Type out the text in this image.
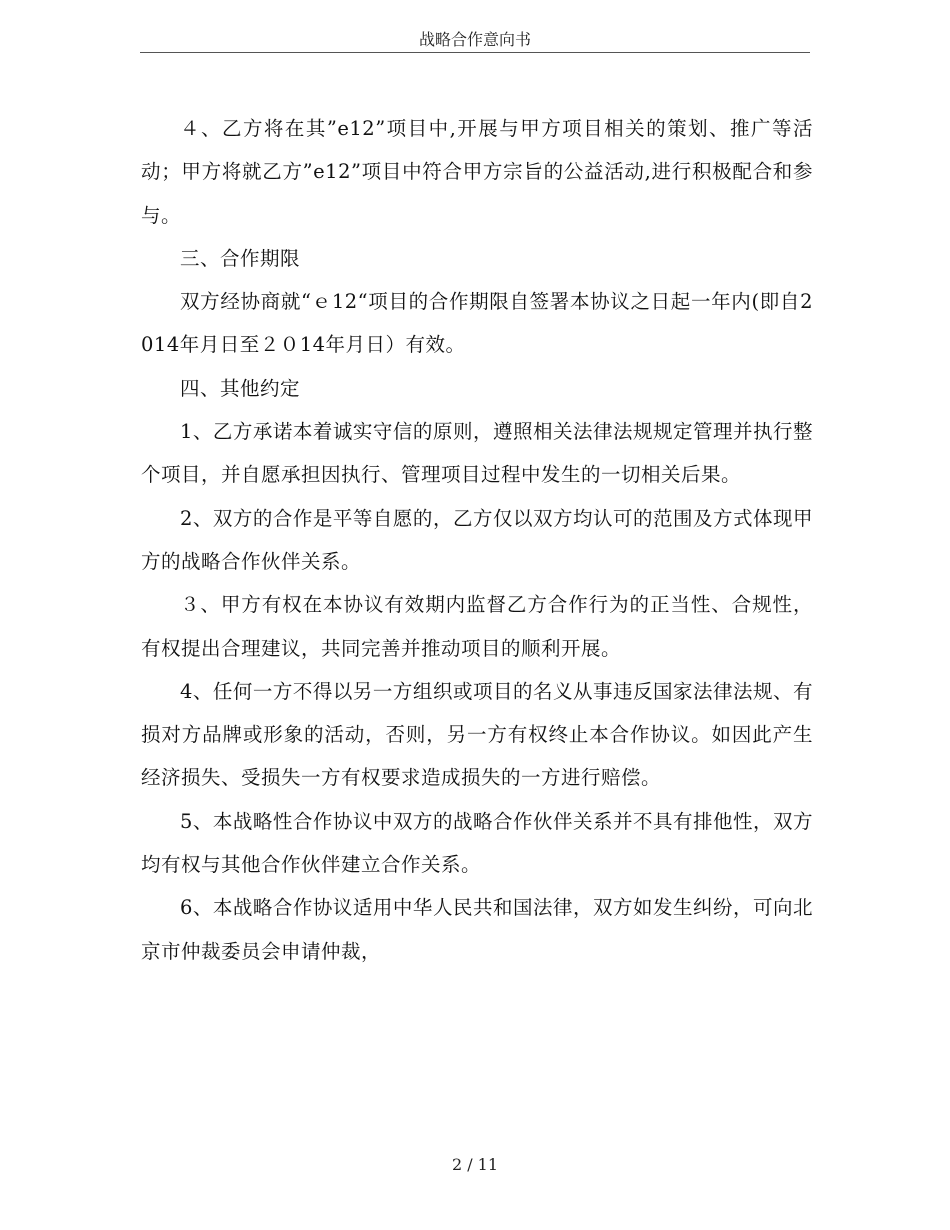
战略合作意向书

４、乙方将在其”e12”项目中,开展与甲方项目相关的策划、推广等活动；甲方将就乙方”e12”项目中符合甲方宗旨的公益活动,进行积极配合和参与。

三、合作期限

双方经协商就“ｅ12“项目的合作期限自签署本协议之日起一年内(即自2014年月日至２０14年月日）有效。

四、其他约定

1、乙方承诺本着诚实守信的原则，遵照相关法律法规规定管理并执行整个项目，并自愿承担因执行、管理项目过程中发生的一切相关后果。

2、双方的合作是平等自愿的，乙方仅以双方均认可的范围及方式体现甲方的战略合作伙伴关系。

３、甲方有权在本协议有效期内监督乙方合作行为的正当性、合规性，有权提出合理建议，共同完善并推动项目的顺利开展。

4、任何一方不得以另一方组织或项目的名义从事违反国家法律法规、有损对方品牌或形象的活动，否则，另一方有权终止本合作协议。如因此产生经济损失、受损失一方有权要求造成损失的一方进行赔偿。

5、本战略性合作协议中双方的战略合作伙伴关系并不具有排他性，双方均有权与其他合作伙伴建立合作关系。

6、本战略合作协议适用中华人民共和国法律，双方如发生纠纷，可向北京市仲裁委员会申请仲裁，

2 / 11
